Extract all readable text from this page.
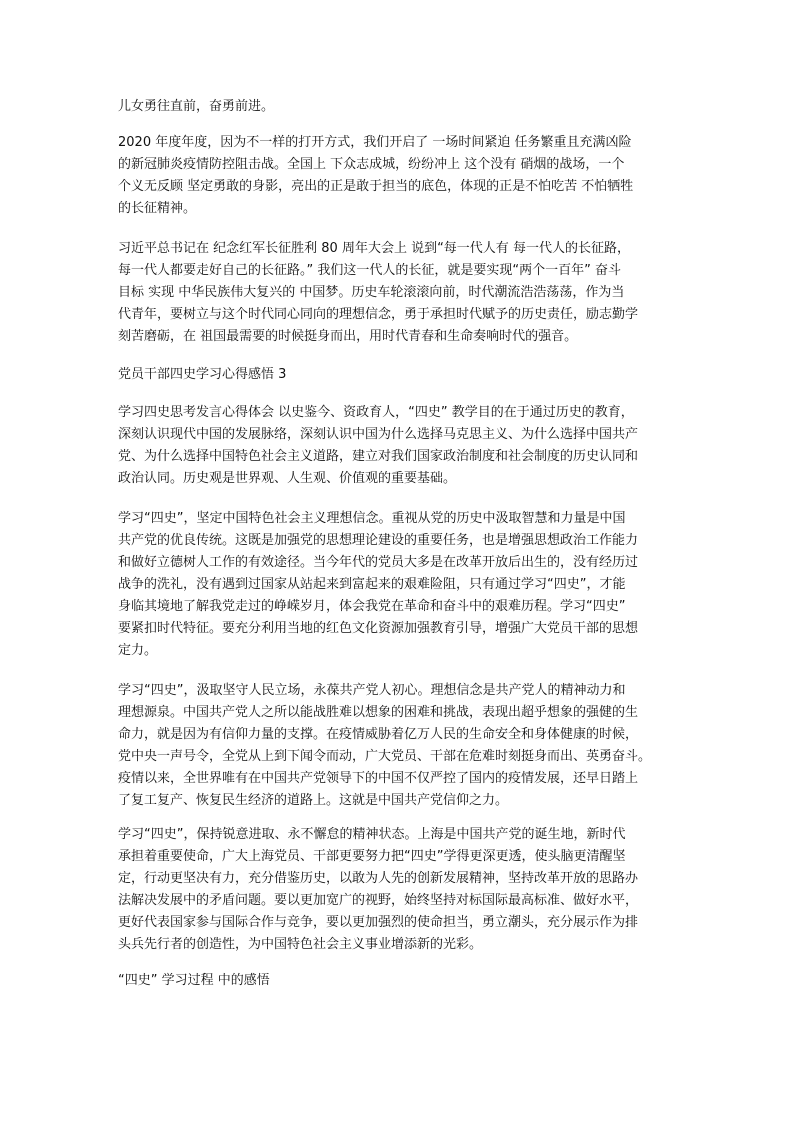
儿女勇往直前，奋勇前进。
2020 年度年度，因为不一样的打开方式，我们开启了 一场时间紧迫 任务繁重且充满凶险
的新冠肺炎疫情防控阻击战。全国上 下众志成城，纷纷冲上 这个没有 硝烟的战场，一个
个义无反顾 坚定勇敢的身影，亮出的正是敢于担当的底色，体现的正是不怕吃苦 不怕牺牲
的长征精神。
习近平总书记在 纪念红军长征胜利 80 周年大会上 说到“每一代人有 每一代人的长征路，
每一代人都要走好自己的长征路。” 我们这一代人的长征，就是要实现“两个一百年” 奋斗
目标 实现 中华民族伟大复兴的 中国梦。历史车轮滚滚向前，时代潮流浩浩荡荡，作为当
代青年，要树立与这个时代同心同向的理想信念，勇于承担时代赋予的历史责任，励志勤学
刻苦磨砺，在 祖国最需要的时候挺身而出，用时代青春和生命奏响时代的强音。
党员干部四史学习心得感悟 3
学习四史思考发言心得体会 以史鉴今、资政育人，“四史” 教学目的在于通过历史的教育，
深刻认识现代中国的发展脉络，深刻认识中国为什么选择马克思主义、为什么选择中国共产
党、为什么选择中国特色社会主义道路，建立对我们国家政治制度和社会制度的历史认同和
政治认同。历史观是世界观、人生观、价值观的重要基础。
学习“四史”，坚定中国特色社会主义理想信念。重视从党的历史中汲取智慧和力量是中国
共产党的优良传统。这既是加强党的思想理论建设的重要任务，也是增强思想政治工作能力
和做好立德树人工作的有效途径。当今年代的党员大多是在改革开放后出生的，没有经历过
战争的洗礼，没有遇到过国家从站起来到富起来的艰难险阻，只有通过学习“四史”，才能
身临其境地了解我党走过的峥嵘岁月，体会我党在革命和奋斗中的艰难历程。学习“四史”
要紧扣时代特征。要充分利用当地的红色文化资源加强教育引导，增强广大党员干部的思想
定力。
学习“四史”，汲取坚守人民立场，永葆共产党人初心。理想信念是共产党人的精神动力和
理想源泉。中国共产党人之所以能战胜难以想象的困难和挑战，表现出超乎想象的强健的生
命力，就是因为有信仰力量的支撑。在疫情威胁着亿万人民的生命安全和身体健康的时候，
党中央一声号令，全党从上到下闻令而动，广大党员、干部在危难时刻挺身而出、英勇奋斗。
疫情以来，全世界唯有在中国共产党领导下的中国不仅严控了国内的疫情发展，还早日踏上
了复工复产、恢复民生经济的道路上。这就是中国共产党信仰之力。
学习“四史”，保持锐意进取、永不懈怠的精神状态。上海是中国共产党的诞生地，新时代
承担着重要使命，广大上海党员、干部更要努力把“四史”学得更深更透，使头脑更清醒坚
定，行动更坚决有力，充分借鉴历史，以敢为人先的创新发展精神，坚持改革开放的思路办
法解决发展中的矛盾问题。要以更加宽广的视野，始终坚持对标国际最高标准、做好水平，
更好代表国家参与国际合作与竞争，要以更加强烈的使命担当，勇立潮头，充分展示作为排
头兵先行者的创造性，为中国特色社会主义事业增添新的光彩。
“四史” 学习过程 中的感悟
